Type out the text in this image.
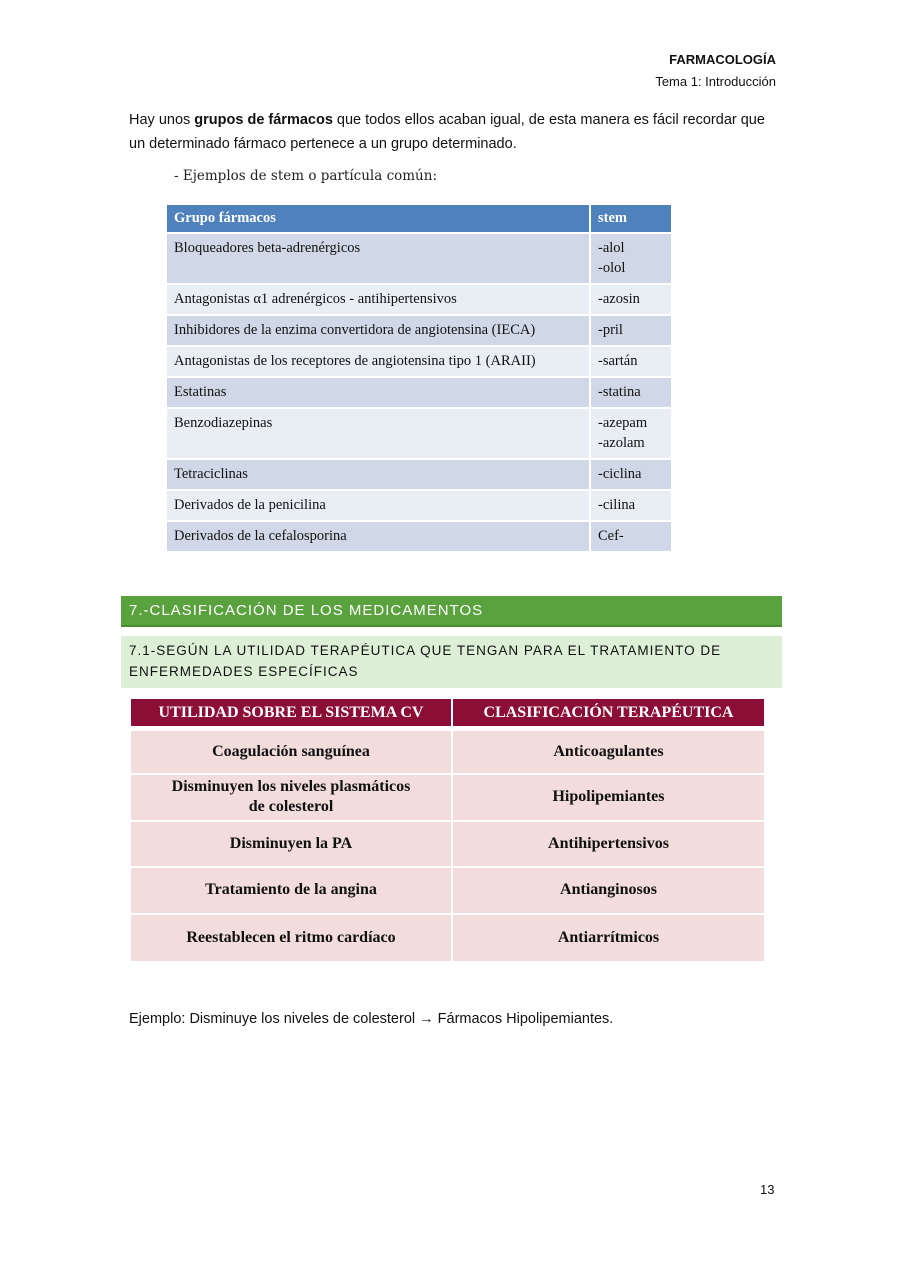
FARMACOLOGÍA
Tema 1: Introducción
Hay unos grupos de fármacos que todos ellos acaban igual, de esta manera es fácil recordar que un determinado fármaco pertenece a un grupo determinado.
- Ejemplos de stem o partícula común:
Grupo fármacos	stem
Bloqueadores beta-adrenérgicos	-alol
-olol
Antagonistas α1 adrenérgicos - antihipertensivos	-azosin
Inhibidores de la enzima convertidora de angiotensina (IECA)	-pril
Antagonistas de los receptores de angiotensina tipo 1 (ARAII)	-sartán
Estatinas	-statina
Benzodiazepinas	-azepam
-azolam
Tetraciclinas	-ciclina
Derivados de la penicilina	-cilina
Derivados de la cefalosporina	Cef-
7.-CLASIFICACIÓN DE LOS MEDICAMENTOS
7.1-SEGÚN LA UTILIDAD TERAPÉUTICA QUE TENGAN PARA EL TRATAMIENTO DE ENFERMEDADES ESPECÍFICAS
UTILIDAD SOBRE EL SISTEMA CV	CLASIFICACIÓN TERAPÉUTICA
Coagulación sanguínea	Anticoagulantes
Disminuyen los niveles plasmáticos de colesterol	Hipolipemiantes
Disminuyen la PA	Antihipertensivos
Tratamiento de la angina	Antianginosos
Reestablecen el ritmo cardíaco	Antiarrítmicos
Ejemplo: Disminuye los niveles de colesterol → Fármacos Hipolipemiantes.
13
